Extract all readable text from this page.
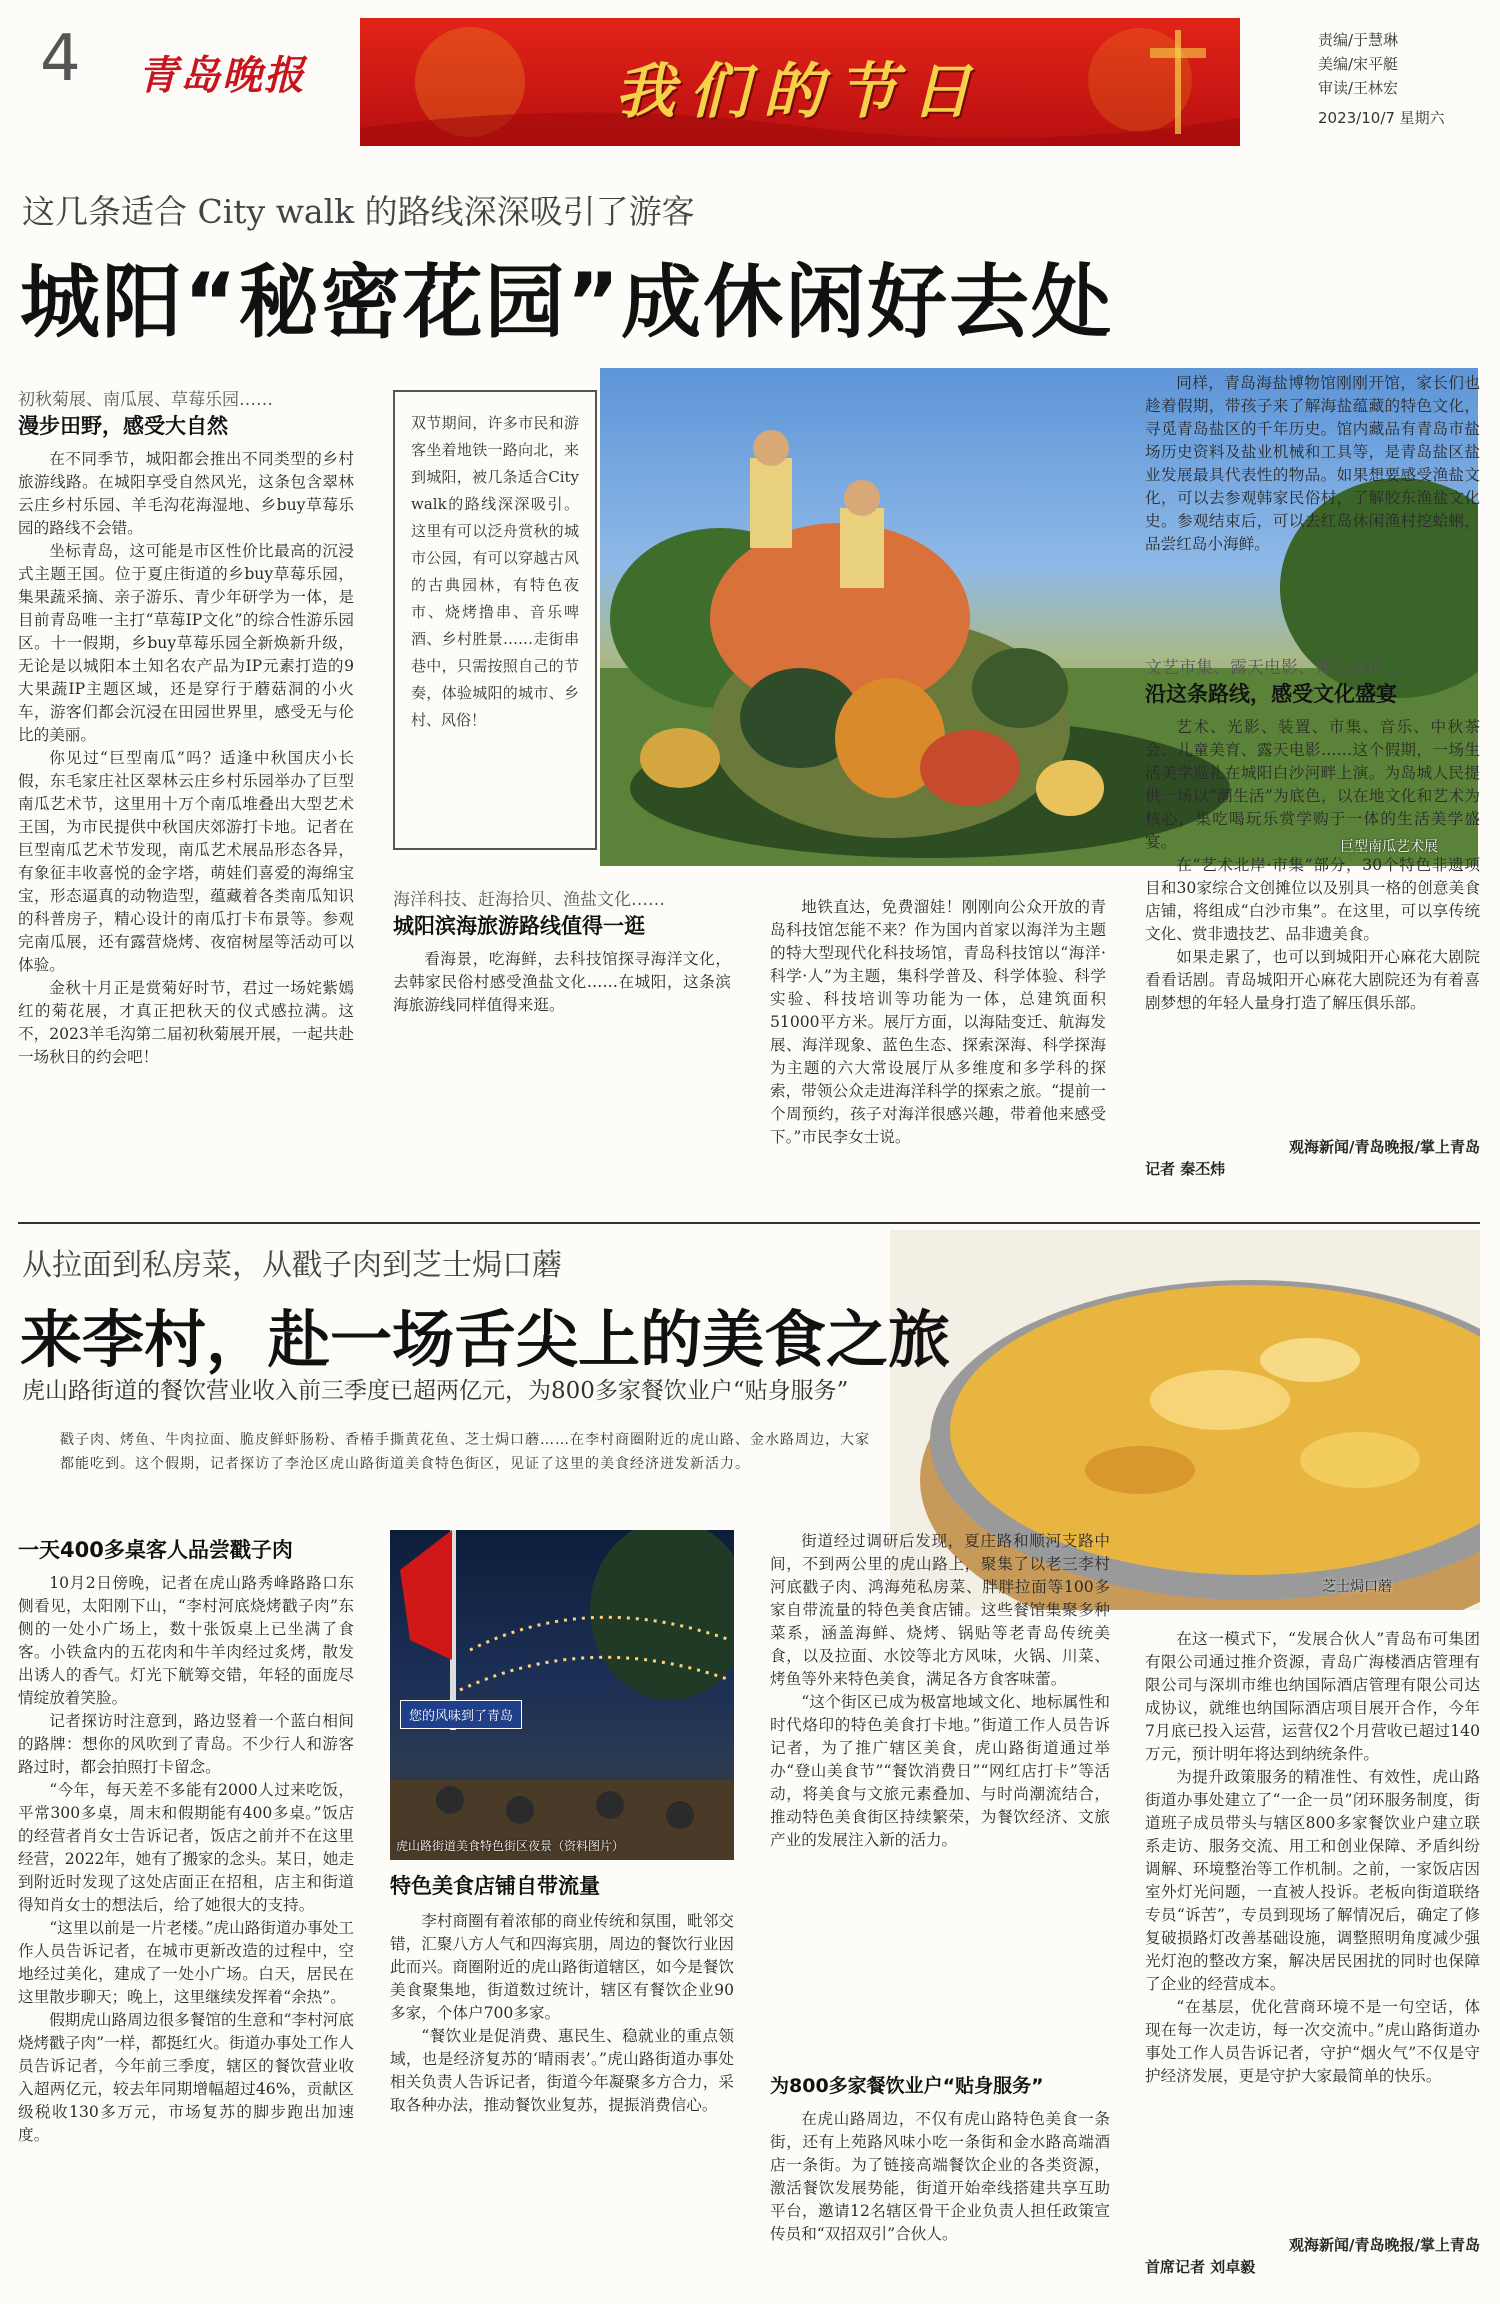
4 青岛晚报	我们的节日
责编/于慧琳
美编/宋平艇
审读/王林宏
2023/10/7 星期六
这几条适合 City walk 的路线深深吸引了游客
城阳“秘密花园”成休闲好去处
初秋菊展、南瓜展、草莓乐园……
漫步田野，感受大自然

在不同季节，城阳都会推出不同类型的乡村旅游线路。在城阳享受自然风光，这条包含翠林云庄乡村乐园、羊毛沟花海湿地、乡buy草莓乐园的路线不会错。

坐标青岛，这可能是市区性价比最高的沉浸式主题王国。位于夏庄街道的乡buy草莓乐园，集果蔬采摘、亲子游乐、青少年研学为一体，是目前青岛唯一主打“草莓IP文化”的综合性游乐园区。十一假期，乡buy草莓乐园全新焕新升级，无论是以城阳本土知名农产品为IP元素打造的9大果蔬IP主题区域，还是穿行于蘑菇洞的小火车，游客们都会沉浸在田园世界里，感受无与伦比的美丽。

你见过“巨型南瓜”吗？适逢中秋国庆小长假，东毛家庄社区翠林云庄乡村乐园举办了巨型南瓜艺术节，这里用十万个南瓜堆叠出大型艺术王国，为市民提供中秋国庆郊游打卡地。记者在巨型南瓜艺术节发现，南瓜艺术展品形态各异，有象征丰收喜悦的金字塔，萌娃们喜爱的海绵宝宝，形态逼真的动物造型，蕴藏着各类南瓜知识的科普房子，精心设计的南瓜打卡布景等。参观完南瓜展，还有露营烧烤、夜宿树屋等活动可以体验。

金秋十月正是赏菊好时节，君过一场姹紫嫣红的菊花展，才真正把秋天的仪式感拉满。这不，2023羊毛沟第二届初秋菊展开展，一起共赴一场秋日的约会吧！

双节期间，许多市民和游客坐着地铁一路向北，来到城阳，被几条适合City walk的路线深深吸引。这里有可以泛舟赏秋的城市公园，有可以穿越古风的古典园林，有特色夜市、烧烤撸串、音乐啤酒、乡村胜景……走街串巷中，只需按照自己的节奏，体验城阳的城市、乡村、风俗！
巨型南瓜艺术展
海洋科技、赶海拾贝、渔盐文化……
城阳滨海旅游路线值得一逛

看海景，吃海鲜，去科技馆探寻海洋文化，去韩家民俗村感受渔盐文化……在城阳，这条滨海旅游线同样值得来逛。

地铁直达，免费溜娃！刚刚向公众开放的青岛科技馆怎能不来？作为国内首家以海洋为主题的特大型现代化科技场馆，青岛科技馆以“海洋·科学·人”为主题，集科学普及、科学体验、科学实验、科技培训等功能为一体，总建筑面积51000平方米。展厅方面，以海陆变迁、航海发展、海洋现象、蓝色生态、探索深海、科学探海为主题的六大常设展厅从多维度和多学科的探索，带领公众走进海洋科学的探索之旅。“提前一个周预约，孩子对海洋很感兴趣，带着他来感受下。”市民李女士说。

同样，青岛海盐博物馆刚刚开馆，家长们也趁着假期，带孩子来了解海盐蕴藏的特色文化，寻觅青岛盐区的千年历史。馆内藏品有青岛市盐场历史资料及盐业机械和工具等，是青岛盐区盐业发展最具代表性的物品。如果想要感受渔盐文化，可以去参观韩家民俗村，了解胶东渔盐文化史。参观结束后，可以去红岛休闲渔村挖蛤蜊，品尝红岛小海鲜。

文艺市集、露天电影、开心麻花……
沿这条路线，感受文化盛宴

艺术、光影、装置、市集、音乐、中秋茶会、儿童美育、露天电影……这个假期，一场生活美学巡礼在城阳白沙河畔上演。为岛城人民提供一场以“潮生活”为底色，以在地文化和艺术为核心，集吃喝玩乐赏学购于一体的生活美学盛宴。

在“艺术北岸·市集”部分，30个特色非遗项目和30家综合文创摊位以及别具一格的创意美食店铺，将组成“白沙市集”。在这里，可以享传统文化、赏非遗技艺、品非遗美食。

如果走累了，也可以到城阳开心麻花大剧院看看话剧。青岛城阳开心麻花大剧院还为有着喜剧梦想的年轻人量身打造了解压俱乐部。

观海新闻/青岛晚报/掌上青岛
记者 秦丕炜
芝士焗口蘑
从拉面到私房菜，从戳子肉到芝士焗口蘑
来李村，赴一场舌尖上的美食之旅
虎山路街道的餐饮营业收入前三季度已超两亿元，为800多家餐饮业户“贴身服务”
戳子肉、烤鱼、牛肉拉面、脆皮鲜虾肠粉、香椿手撕黄花鱼、芝士焗口蘑……在李村商圈附近的虎山路、金水路周边，大家都能吃到。这个假期，记者探访了李沧区虎山路街道美食特色街区，见证了这里的美食经济迸发新活力。
一天400多桌客人品尝戳子肉

10月2日傍晚，记者在虎山路秀峰路路口东侧看见，太阳刚下山，“李村河底烧烤戳子肉”东侧的一处小广场上，数十张饭桌上已坐满了食客。小铁盒内的五花肉和牛羊肉经过炙烤，散发出诱人的香气。灯光下觥筹交错，年轻的面庞尽情绽放着笑脸。

记者探访时注意到，路边竖着一个蓝白相间的路牌：想你的风吹到了青岛。不少行人和游客路过时，都会拍照打卡留念。

“今年，每天差不多能有2000人过来吃饭，平常300多桌，周末和假期能有400多桌。”饭店的经营者肖女士告诉记者，饭店之前并不在这里经营，2022年，她有了搬家的念头。某日，她走到附近时发现了这处店面正在招租，店主和街道得知肖女士的想法后，给了她很大的支持。

“这里以前是一片老楼。”虎山路街道办事处工作人员告诉记者，在城市更新改造的过程中，空地经过美化，建成了一处小广场。白天，居民在这里散步聊天；晚上，这里继续发挥着“余热”。

假期虎山路周边很多餐馆的生意和“李村河底烧烤戳子肉”一样，都挺红火。街道办事处工作人员告诉记者，今年前三季度，辖区的餐饮营业收入超两亿元，较去年同期增幅超过46%，贡献区级税收130多万元，市场复苏的脚步跑出加速度。

您的风味到了青岛
虎山路街道美食特色街区夜景（资料图片）
特色美食店铺自带流量

李村商圈有着浓郁的商业传统和氛围，毗邻交错，汇聚八方人气和四海宾朋，周边的餐饮行业因此而兴。商圈附近的虎山路街道辖区，如今是餐饮美食聚集地，街道数过统计，辖区有餐饮企业90多家，个体户700多家。

“餐饮业是促消费、惠民生、稳就业的重点领域，也是经济复苏的‘晴雨表’。”虎山路街道办事处相关负责人告诉记者，街道今年凝聚多方合力，采取各种办法，推动餐饮业复苏，提振消费信心。

街道经过调研后发现，夏庄路和顺河支路中间，不到两公里的虎山路上，聚集了以老三李村河底戳子肉、鸿海苑私房菜、胖胖拉面等100多家自带流量的特色美食店铺。这些餐馆集聚多种菜系，涵盖海鲜、烧烤、锅贴等老青岛传统美食，以及拉面、水饺等北方风味，火锅、川菜、烤鱼等外来特色美食，满足各方食客味蕾。

“这个街区已成为极富地域文化、地标属性和时代烙印的特色美食打卡地。”街道工作人员告诉记者，为了推广辖区美食，虎山路街道通过举办“登山美食节”“餐饮消费日”“网红店打卡”等活动，将美食与文旅元素叠加、与时尚潮流结合，推动特色美食街区持续繁荣，为餐饮经济、文旅产业的发展注入新的活力。

为800多家餐饮业户“贴身服务”

在虎山路周边，不仅有虎山路特色美食一条街，还有上苑路风味小吃一条街和金水路高端酒店一条街。为了链接高端餐饮企业的各类资源，激活餐饮发展势能，街道开始牵线搭建共享互助平台，邀请12名辖区骨干企业负责人担任政策宣传员和“双招双引”合伙人。

在这一模式下，“发展合伙人”青岛布可集团有限公司通过推介资源，青岛广海楼酒店管理有限公司与深圳市维也纳国际酒店管理有限公司达成协议，就维也纳国际酒店项目展开合作，今年7月底已投入运营，运营仅2个月营收已超过140万元，预计明年将达到纳统条件。

为提升政策服务的精准性、有效性，虎山路街道办事处建立了“一企一员”闭环服务制度，街道班子成员带头与辖区800多家餐饮业户建立联系走访、服务交流、用工和创业保障、矛盾纠纷调解、环境整治等工作机制。之前，一家饭店因室外灯光问题，一直被人投诉。老板向街道联络专员“诉苦”，专员到现场了解情况后，确定了修复破损路灯改善基础设施，调整照明角度减少强光灯泡的整改方案，解决居民困扰的同时也保障了企业的经营成本。

“在基层，优化营商环境不是一句空话，体现在每一次走访，每一次交流中。”虎山路街道办事处工作人员告诉记者，守护“烟火气”不仅是守护经济发展，更是守护大家最简单的快乐。

观海新闻/青岛晚报/掌上青岛
首席记者 刘卓毅
